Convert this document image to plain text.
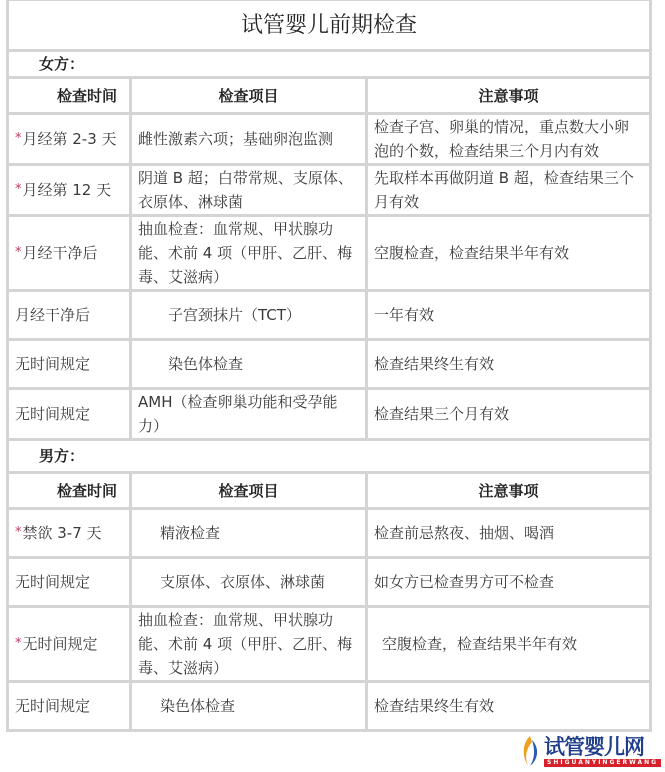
试管婴儿前期检查		
女方：		
检查时间	检查项目	注意事项
*月经第 2-3 天	雌性激素六项；基础卵泡监测	检查子宫、卵巢的情况，重点数大小卵泡的个数，检查结果三个月内有效
*月经第 12 天	阴道 B 超；白带常规、支原体、衣原体、淋球菌	先取样本再做阴道 B 超，检查结果三个月有效
*月经干净后	抽血检查：血常规、甲状腺功能、术前 4 项（甲肝、乙肝、梅毒、艾滋病）	空腹检查，检查结果半年有效
月经干净后	子宫颈抹片（TCT）	一年有效
无时间规定	染色体检查	检查结果终生有效
无时间规定	AMH（检查卵巢功能和受孕能力）	检查结果三个月有效
男方：		
检查时间	检查项目	注意事项
*禁欲 3-7 天	精液检查	检查前忌熬夜、抽烟、喝酒
无时间规定	支原体、衣原体、淋球菌	如女方已检查男方可不检查
*无时间规定	抽血检查：血常规、甲状腺功能、术前 4 项（甲肝、乙肝、梅毒、艾滋病）	空腹检查，检查结果半年有效
无时间规定	染色体检查	检查结果终生有效
试管婴儿网
SHIGUANYINGERWANG
